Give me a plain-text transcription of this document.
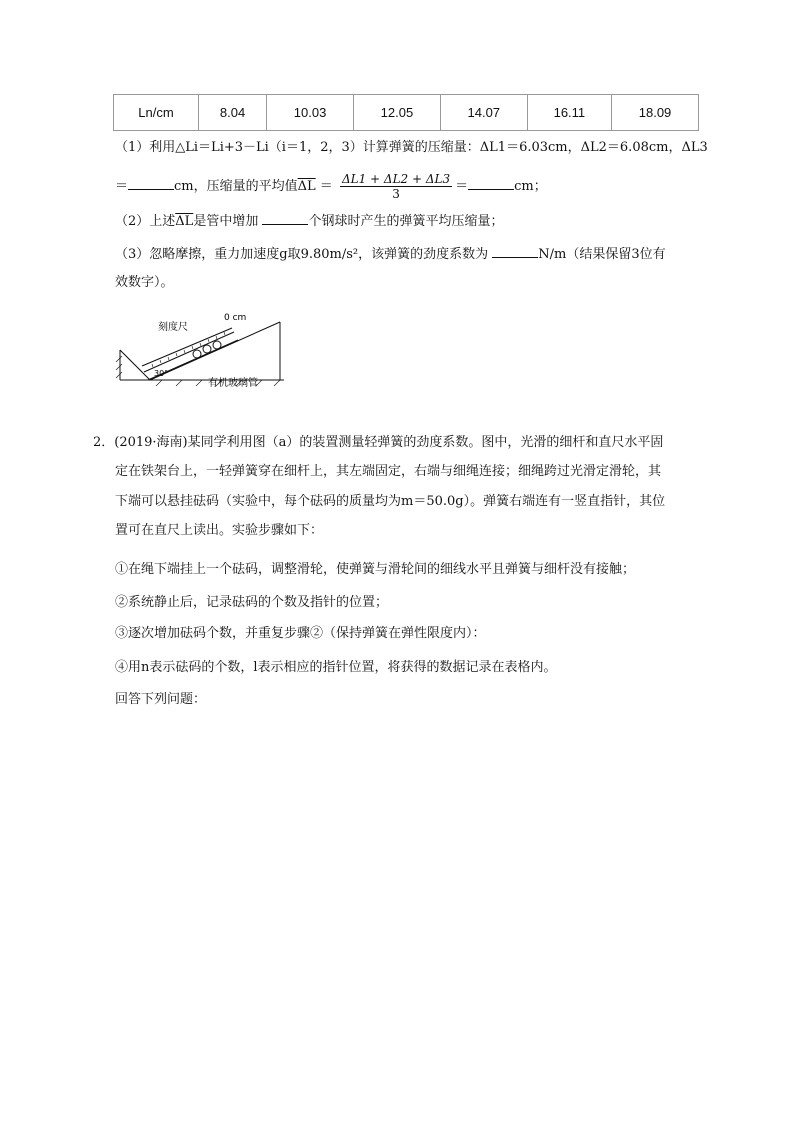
Ln/cm	8.04	10.03	12.05	14.07	16.11	18.09
（1）利用△Li＝Li+3－Li（i＝1，2，3）计算弹簧的压缩量：ΔL1＝6.03cm，ΔL2＝6.08cm，ΔL3
＝	cm，压缩量的平均值$\overline{\Delta L} = \frac{\Delta L1 + \Delta L2 + \Delta L3}{3}$ ＝	cm；
（2）上述$\overline{\Delta L}$是管中增加	个钢球时产生的弹簧平均压缩量；
（3）忽略摩擦，重力加速度g取9.80m/s²，该弹簧的劲度系数为	N/m（结果保留3位有
效数字）。
刻度尺
0 cm
有机玻璃管
30°
2．(2019·海南)某同学利用图（a）的装置测量轻弹簧的劲度系数。图中，光滑的细杆和直尺水平固
定在铁架台上，一轻弹簧穿在细杆上，其左端固定，右端与细绳连接；细绳跨过光滑定滑轮，其
下端可以悬挂砝码（实验中，每个砝码的质量均为m＝50.0g）。弹簧右端连有一竖直指针，其位
置可在直尺上读出。实验步骤如下：
①在绳下端挂上一个砝码，调整滑轮，使弹簧与滑轮间的细线水平且弹簧与细杆没有接触；
②系统静止后，记录砝码的个数及指针的位置；
③逐次增加砝码个数，并重复步骤②（保持弹簧在弹性限度内）：
④用n表示砝码的个数，l表示相应的指针位置，将获得的数据记录在表格内。
回答下列问题：
